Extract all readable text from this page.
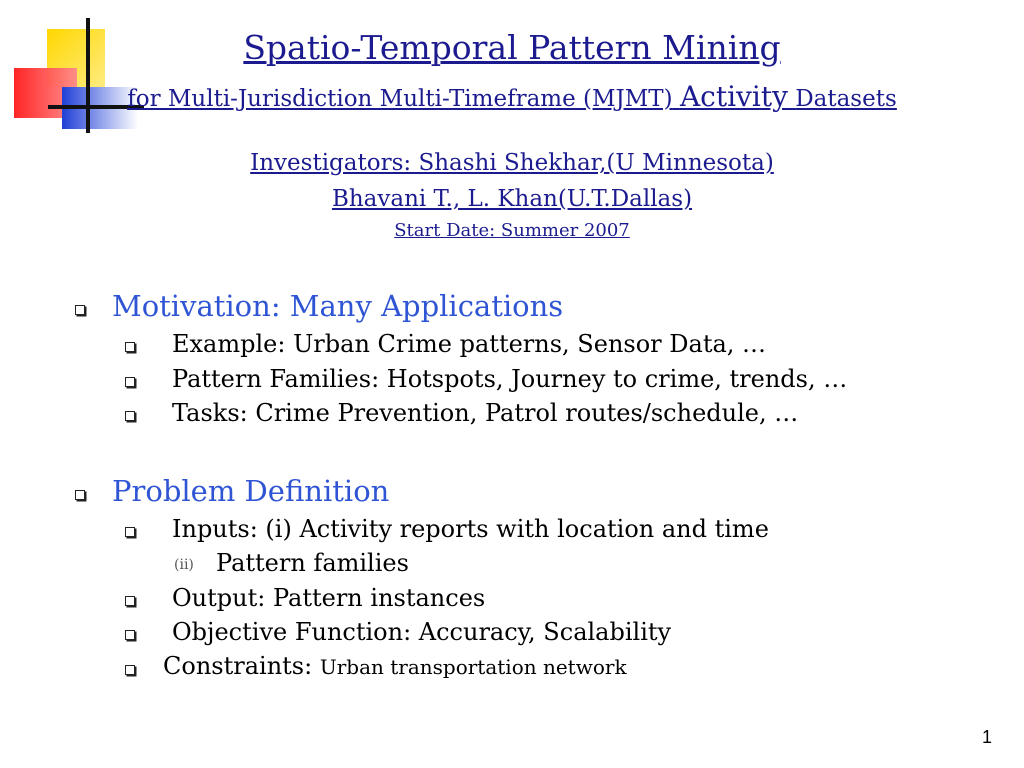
Spatio-Temporal Pattern Mining
for Multi-Jurisdiction Multi-Timeframe (MJMT) Activity Datasets
Investigators: Shashi Shekhar,(U Minnesota)
Bhavani T., L. Khan(U.T.Dallas)
Start Date: Summer 2007
Motivation: Many Applications
Example: Urban Crime patterns, Sensor Data, …
Pattern Families: Hotspots, Journey to crime, trends, …
Tasks: Crime Prevention, Patrol routes/schedule, …
Problem Definition
Inputs: (i) Activity reports with location and time
(ii) Pattern families
Output: Pattern instances
Objective Function: Accuracy, Scalability
Constraints: Urban transportation network
1
